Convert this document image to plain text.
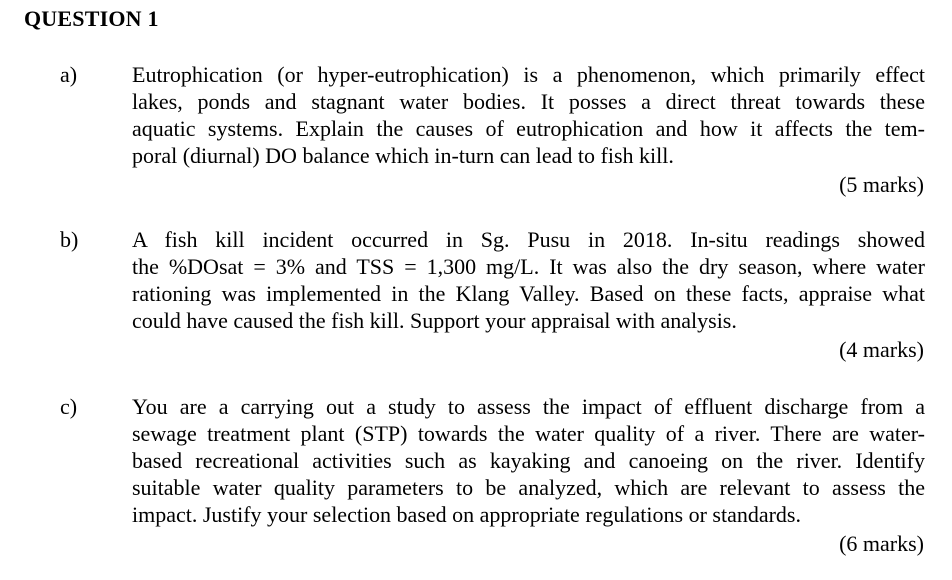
QUESTION 1
a) Eutrophication (or hyper-eutrophication) is a phenomenon, which primarily effect
lakes, ponds and stagnant water bodies. It posses a direct threat towards these
aquatic systems. Explain the causes of eutrophication and how it affects the tem-
poral (diurnal) DO balance which in-turn can lead to fish kill.
(5 marks)
b) A fish kill incident occurred in Sg. Pusu in 2018. In-situ readings showed
the %DOsat = 3% and TSS = 1,300 mg/L. It was also the dry season, where water
rationing was implemented in the Klang Valley. Based on these facts, appraise what
could have caused the fish kill. Support your appraisal with analysis.
(4 marks)
c) You are a carrying out a study to assess the impact of effluent discharge from a
sewage treatment plant (STP) towards the water quality of a river. There are water-
based recreational activities such as kayaking and canoeing on the river. Identify
suitable water quality parameters to be analyzed, which are relevant to assess the
impact. Justify your selection based on appropriate regulations or standards.
(6 marks)
